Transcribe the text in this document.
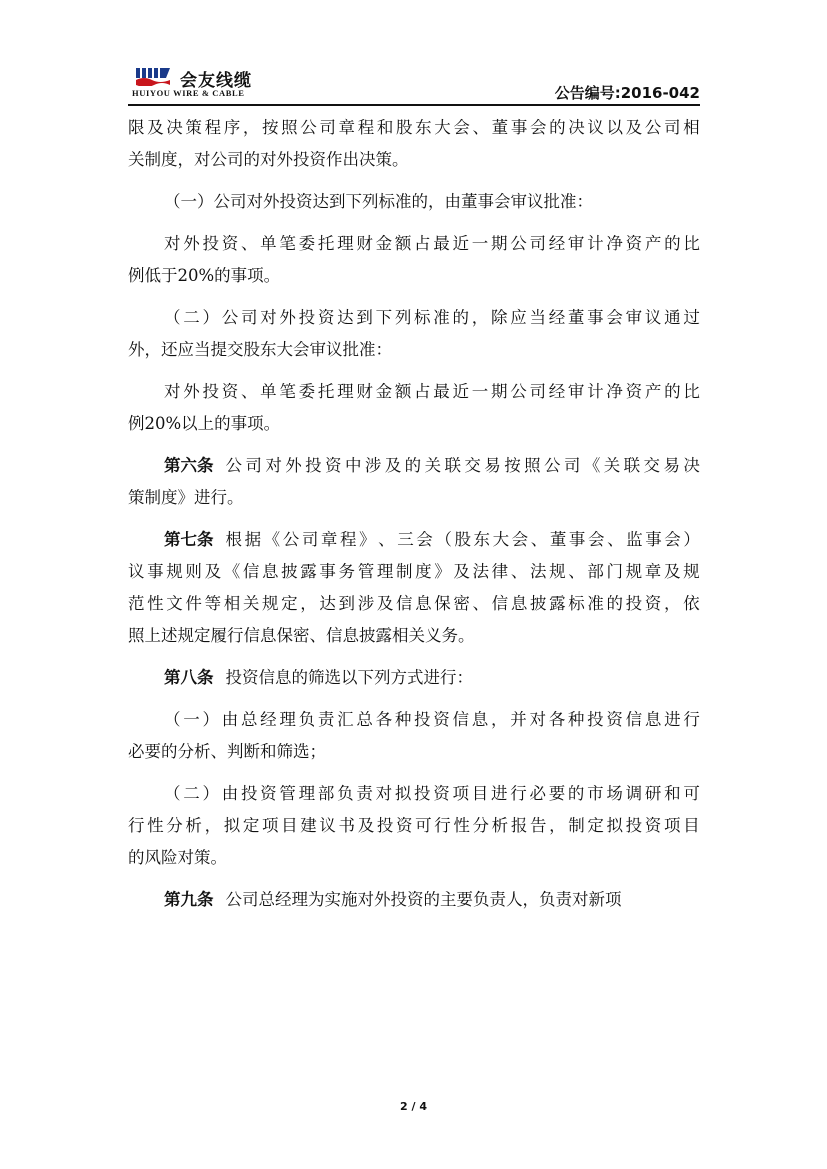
会友线缆
HUIYOU WIRE & CABLE	公告编号:2016-042
限 及 决 策 程 序 ， 按 照 公 司 章 程 和 股 东 大 会 、 董 事 会 的 决 议 以 及 公 司 相
关制度，对公司的对外投资作出决策。
（一）公司对外投资达到下列标准的，由董事会审议批准：
对 外 投 资 、 单 笔 委 托 理 财 金 额 占 最 近 一 期 公 司 经 审 计 净 资 产 的 比
例低于20%的事项。
（ 二 ） 公 司 对 外 投 资 达 到 下 列 标 准 的 ， 除 应 当 经 董 事 会 审 议 通 过
外，还应当提交股东大会审议批准：
对 外 投 资 、 单 笔 委 托 理 财 金 额 占 最 近 一 期 公 司 经 审 计 净 资 产 的 比
例20%以上的事项。
第六条 公 司 对 外 投 资 中 涉 及 的 关 联 交 易 按 照 公 司 《 关 联 交 易 决
策制度》进行。
第七条 根 据 《 公 司 章 程 》 、 三 会 （ 股 东 大 会 、 董 事 会 、 监 事 会 ）
议 事 规 则 及 《 信 息 披 露 事 务 管 理 制 度 》 及 法 律 、 法 规 、 部 门 规 章 及 规
范 性 文 件 等 相 关 规 定 ， 达 到 涉 及 信 息 保 密 、 信 息 披 露 标 准 的 投 资 ， 依
照上述规定履行信息保密、信息披露相关义务。
第八条 投资信息的筛选以下列方式进行：
（ 一 ） 由 总 经 理 负 责 汇 总 各 种 投 资 信 息 ， 并 对 各 种 投 资 信 息 进 行
必要的分析、判断和筛选；
（ 二 ） 由 投 资 管 理 部 负 责 对 拟 投 资 项 目 进 行 必 要 的 市 场 调 研 和 可
行 性 分 析 ， 拟 定 项 目 建 议 书 及 投 资 可 行 性 分 析 报 告 ， 制 定 拟 投 资 项 目
的风险对策。
第九条 公司总经理为实施对外投资的主要负责人，负责对新项
2 / 4
